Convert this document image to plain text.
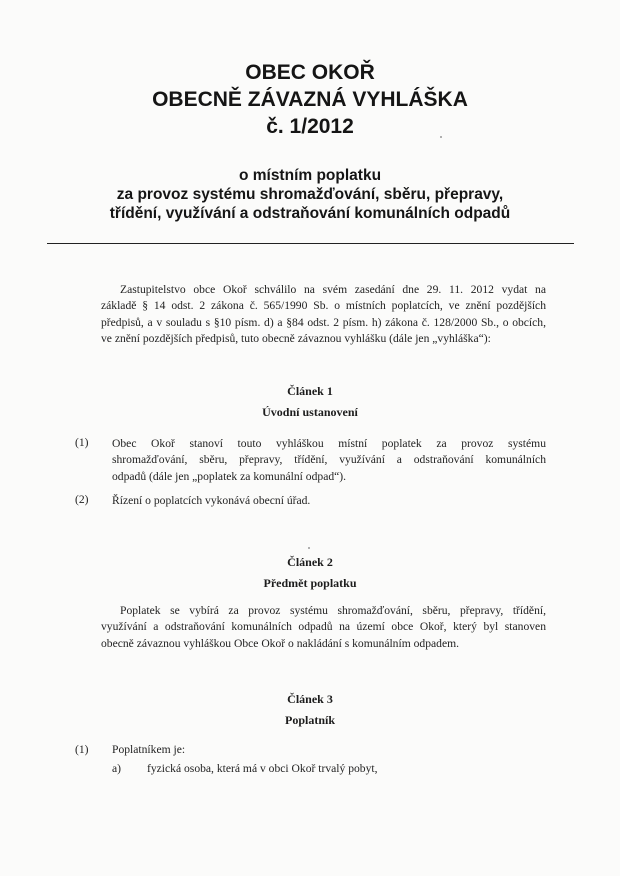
OBEC OKOŘ
OBECNĚ ZÁVAZNÁ VYHLÁŠKA
č. 1/2012
o místním poplatku
za provoz systému shromažďování, sběru, přepravy,
třídění, využívání a odstraňování komunálních odpadů
Zastupitelstvo obce Okoř schválilo na svém zasedání dne 29. 11. 2012 vydat na
základě § 14 odst. 2 zákona č. 565/1990 Sb. o místních poplatcích, ve znění pozdějších
předpisů, a v souladu s §10 písm. d) a §84 odst. 2 písm. h) zákona č. 128/2000 Sb., o obcích,
ve znění pozdějších předpisů, tuto obecně závaznou vyhlášku (dále jen „vyhláška“):
Článek 1
Úvodní ustanovení
(1) Obec Okoř stanoví touto vyhláškou místní poplatek za provoz systému
shromažďování, sběru, přepravy, třídění, využívání a odstraňování komunálních
odpadů (dále jen „poplatek za komunální odpad“).
(2) Řízení o poplatcích vykonává obecní úřad.
Článek 2
Předmět poplatku
Poplatek se vybírá za provoz systému shromažďování, sběru, přepravy, třídění,
využívání a odstraňování komunálních odpadů na území obce Okoř, který byl stanoven
obecně závaznou vyhláškou Obce Okoř o nakládání s komunálním odpadem.
Článek 3
Poplatník
(1) Poplatníkem je:
a) fyzická osoba, která má v obci Okoř trvalý pobyt,
